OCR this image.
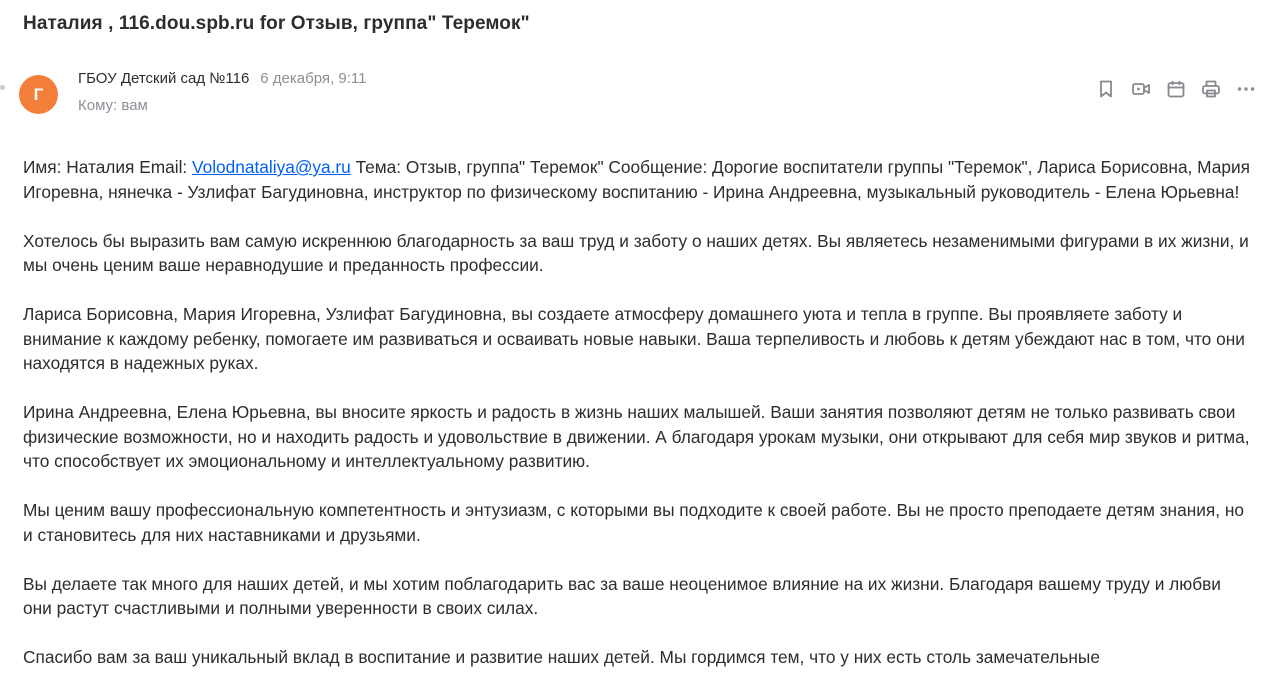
Наталия , 116.dou.spb.ru for Отзыв, группа" Теремок"
Г
ГБОУ Детский сад №116 6 декабря, 9:11
Кому: вам

Имя: Наталия Email: Volodnataliya@ya.ru Тема: Отзыв, группа" Теремок" Сообщение: Дорогие воспитатели группы "Теремок", Лариса Борисовна, Мария Игоревна, нянечка - Узлифат Багудиновна, инструктор по физическому воспитанию - Ирина Андреевна, музыкальный руководитель - Елена Юрьевна!

Хотелось бы выразить вам самую искреннюю благодарность за ваш труд и заботу о наших детях. Вы являетесь незаменимыми фигурами в их жизни, и мы очень ценим ваше неравнодушие и преданность профессии.

Лариса Борисовна, Мария Игоревна, Узлифат Багудиновна, вы создаете атмосферу домашнего уюта и тепла в группе. Вы проявляете заботу и внимание к каждому ребенку, помогаете им развиваться и осваивать новые навыки. Ваша терпеливость и любовь к детям убеждают нас в том, что они находятся в надежных руках.

Ирина Андреевна, Елена Юрьевна, вы вносите яркость и радость в жизнь наших малышей. Ваши занятия позволяют детям не только развивать свои физические возможности, но и находить радость и удовольствие в движении. А благодаря урокам музыки, они открывают для себя мир звуков и ритма, что способствует их эмоциональному и интеллектуальному развитию.

Мы ценим вашу профессиональную компетентность и энтузиазм, с которыми вы подходите к своей работе. Вы не просто преподаете детям знания, но и становитесь для них наставниками и друзьями.

Вы делаете так много для наших детей, и мы хотим поблагодарить вас за ваше неоценимое влияние на их жизни. Благодаря вашему труду и любви они растут счастливыми и полными уверенности в своих силах.

Спасибо вам за ваш уникальный вклад в воспитание и развитие наших детей. Мы гордимся тем, что у них есть столь замечательные
